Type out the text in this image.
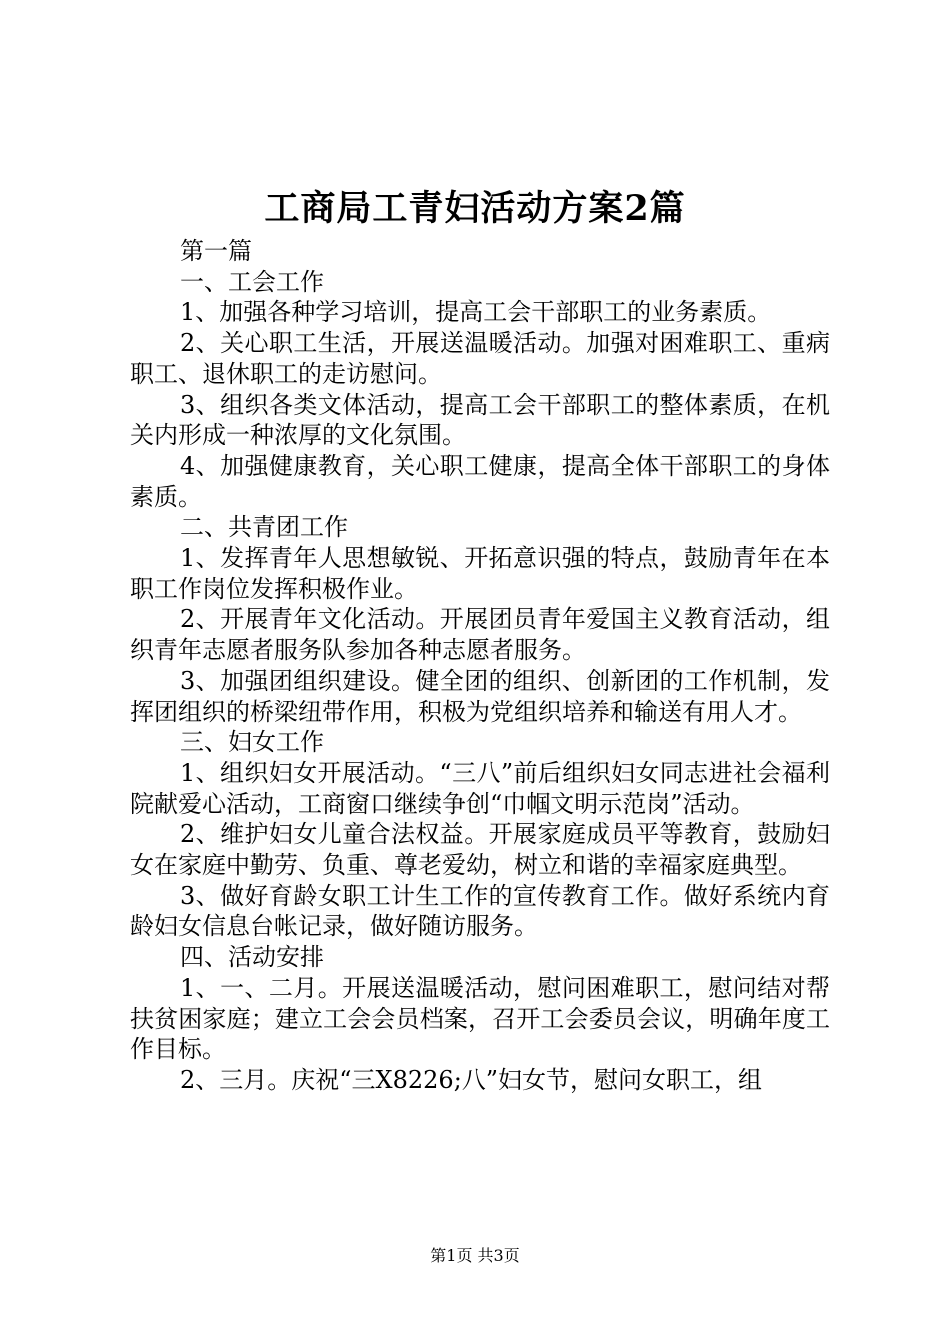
工商局工青妇活动方案2篇

第一篇

一、工会工作

1、加强各种学习培训，提高工会干部职工的业务素质。

2、关心职工生活，开展送温暖活动。加强对困难职工、重病职工、退休职工的走访慰问。

3、组织各类文体活动，提高工会干部职工的整体素质，在机关内形成一种浓厚的文化氛围。

4、加强健康教育，关心职工健康，提高全体干部职工的身体素质。

二、共青团工作

1、发挥青年人思想敏锐、开拓意识强的特点，鼓励青年在本职工作岗位发挥积极作业。

2、开展青年文化活动。开展团员青年爱国主义教育活动，组织青年志愿者服务队参加各种志愿者服务。

3、加强团组织建设。健全团的组织、创新团的工作机制，发挥团组织的桥梁纽带作用，积极为党组织培养和输送有用人才。

三、妇女工作

1、组织妇女开展活动。“三八”前后组织妇女同志进社会福利院献爱心活动，工商窗口继续争创“巾帼文明示范岗”活动。

2、维护妇女儿童合法权益。开展家庭成员平等教育，鼓励妇女在家庭中勤劳、负重、尊老爱幼，树立和谐的幸福家庭典型。

3、做好育龄女职工计生工作的宣传教育工作。做好系统内育龄妇女信息台帐记录，做好随访服务。

四、活动安排

1、一、二月。开展送温暖活动，慰问困难职工，慰问结对帮扶贫困家庭；建立工会会员档案，召开工会委员会议，明确年度工作目标。

2、三月。庆祝“三X8226;八”妇女节，慰问女职工，组

第1页 共3页
